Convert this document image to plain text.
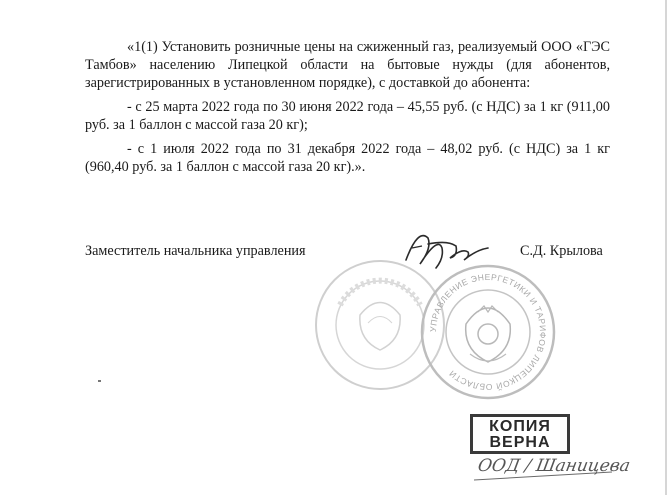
«1(1) Установить розничные цены на сжиженный газ, реализуемый ООО «ГЭС Тамбов» населению Липецкой области на бытовые нужды (для абонентов, зарегистрированных в установленном порядке), с доставкой до абонента:

- с 25 марта 2022 года по 30 июня 2022 года – 45,55 руб. (с НДС) за 1 кг (911,00 руб. за 1 баллон с массой газа 20 кг);

- с 1 июля 2022 года по 31 декабря 2022 года – 48,02 руб. (с НДС) за 1 кг (960,40 руб. за 1 баллон с массой газа 20 кг).».

Заместитель начальника управления	С.Д. Крылова
УПРАВЛЕНИЕ ЭНЕРГЕТИКИ И ТАРИФОВ ЛИПЕЦКОЙ ОБЛАСТИ
КОПИЯ
ВЕРНА
ООД / Шаницева
